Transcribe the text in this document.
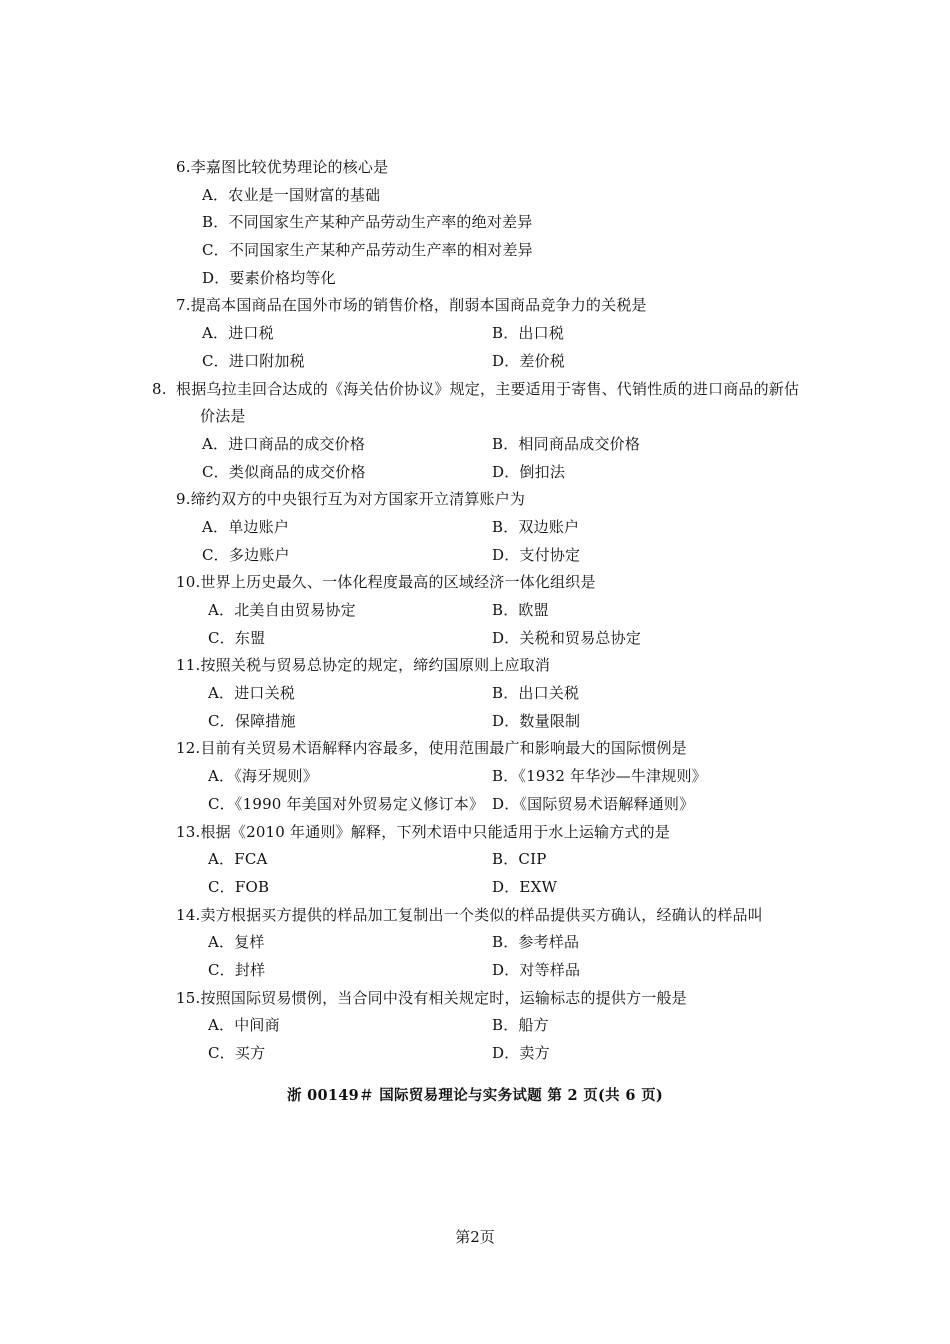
6.李嘉图比较优势理论的核心是
A．农业是一国财富的基础
B．不同国家生产某种产品劳动生产率的绝对差异
C．不同国家生产某种产品劳动生产率的相对差异
D．要素价格均等化
7.提高本国商品在国外市场的销售价格，削弱本国商品竞争力的关税是
A．进口税	B．出口税
C．进口附加税	D．差价税
8. 根据乌拉圭回合达成的《海关估价协议》规定，主要适用于寄售、代销性质的进口商品的新估价法是
A．进口商品的成交价格	B．相同商品成交价格
C．类似商品的成交价格	D．倒扣法
9.缔约双方的中央银行互为对方国家开立清算账户为
A．单边账户	B．双边账户
C．多边账户	D．支付协定
10.世界上历史最久、一体化程度最高的区域经济一体化组织是
A．北美自由贸易协定	B．欧盟
C．东盟	D．关税和贸易总协定
11.按照关税与贸易总协定的规定，缔约国原则上应取消
A．进口关税	B．出口关税
C．保障措施	D．数量限制
12.目前有关贸易术语解释内容最多，使用范围最广和影响最大的国际惯例是
A．《海牙规则》	B．《1932 年华沙—牛津规则》
C．《1990 年美国对外贸易定义修订本》 D．《国际贸易术语解释通则》
13.根据《2010 年通则》解释，下列术语中只能适用于水上运输方式的是
A．FCA	B．CIP
C．FOB	D．EXW
14.卖方根据买方提供的样品加工复制出一个类似的样品提供买方确认，经确认的样品叫
A．复样	B．参考样品
C．封样	D．对等样品
15.按照国际贸易惯例，当合同中没有相关规定时，运输标志的提供方一般是
A．中间商	B．船方
C．买方	D．卖方
浙 00149＃ 国际贸易理论与实务试题 第 2 页(共 6 页)
第2页
